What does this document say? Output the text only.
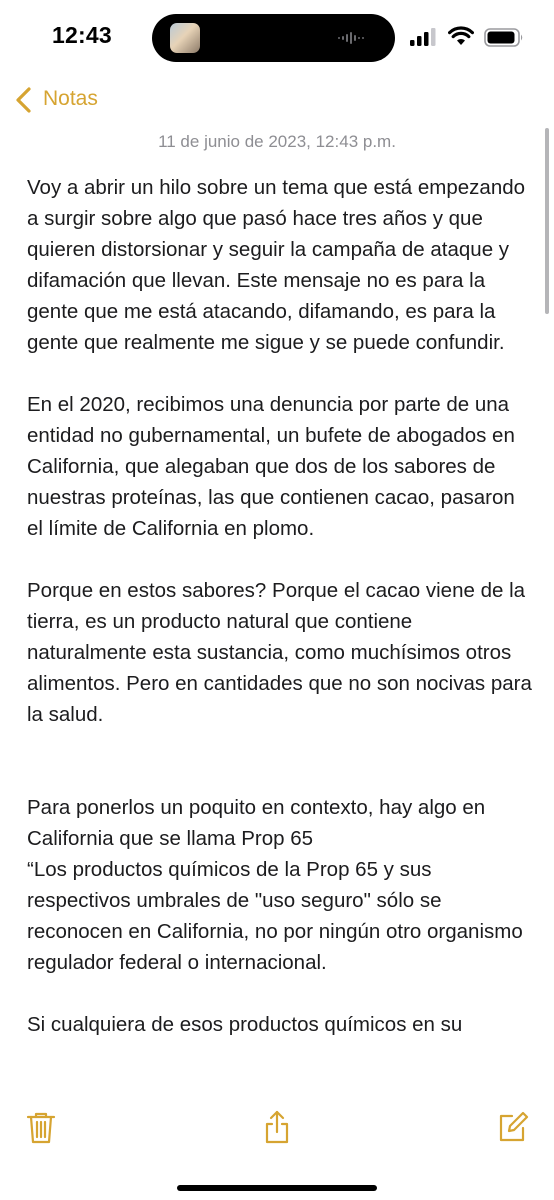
12:43
Notas
11 de junio de 2023, 12:43 p.m.

Voy a abrir un hilo sobre un tema que está empezando a surgir sobre algo que pasó hace tres años y que quieren distorsionar y seguir la campaña de ataque y difamación que llevan. Este mensaje no es para la gente que me está atacando, difamando, es para la gente que realmente me sigue y se puede confundir.

En el 2020, recibimos una denuncia por parte de una entidad no gubernamental, un bufete de abogados en California, que alegaban que dos de los sabores de nuestras proteínas, las que contienen cacao, pasaron el límite de California en plomo.

Porque en estos sabores? Porque el cacao viene de la tierra, es un producto natural que contiene naturalmente esta sustancia, como muchísimos otros alimentos. Pero en cantidades que no son nocivas para la salud.

Para ponerlos un poquito en contexto, hay algo en California que se llama Prop 65

“Los productos químicos de la Prop 65 y sus respectivos umbrales de "uso seguro" sólo se reconocen en California, no por ningún otro organismo regulador federal o internacional.

Si cualquiera de esos productos químicos en su
